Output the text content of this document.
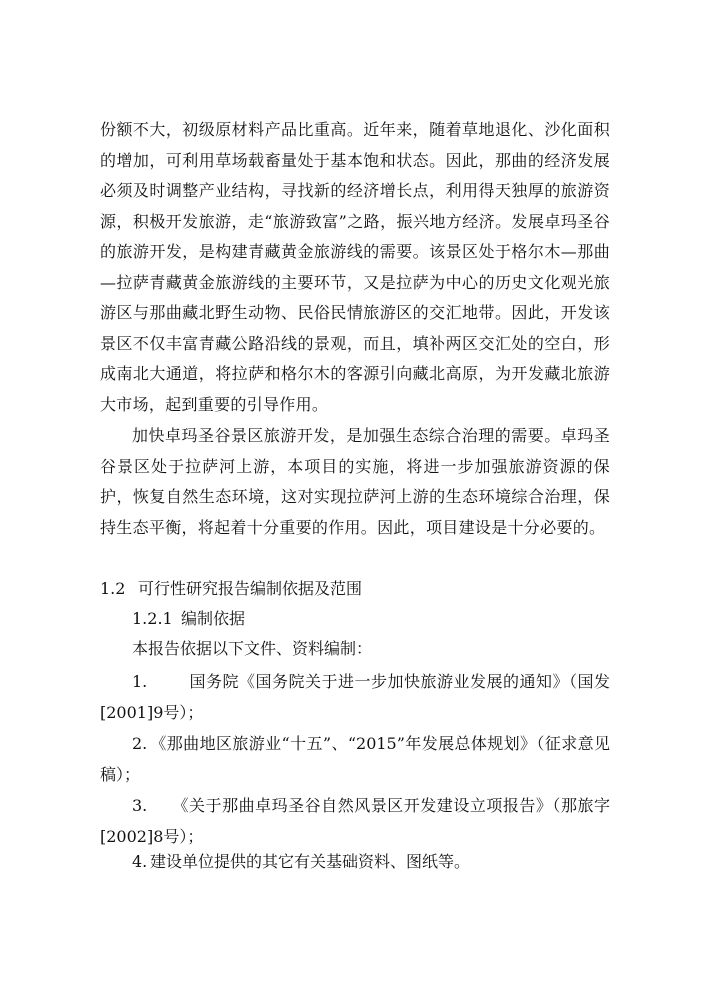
份额不大，初级原材料产品比重高。近年来，随着草地退化、沙化面积的增加，可利用草场载畜量处于基本饱和状态。因此，那曲的经济发展必须及时调整产业结构，寻找新的经济增长点，利用得天独厚的旅游资源，积极开发旅游，走“旅游致富”之路，振兴地方经济。发展卓玛圣谷的旅游开发，是构建青藏黄金旅游线的需要。该景区处于格尔木—那曲—拉萨青藏黄金旅游线的主要环节，又是拉萨为中心的历史文化观光旅游区与那曲藏北野生动物、民俗民情旅游区的交汇地带。因此，开发该景区不仅丰富青藏公路沿线的景观，而且，填补两区交汇处的空白，形成南北大通道，将拉萨和格尔木的客源引向藏北高原，为开发藏北旅游大市场，起到重要的引导作用。

加快卓玛圣谷景区旅游开发，是加强生态综合治理的需要。卓玛圣谷景区处于拉萨河上游，本项目的实施，将进一步加强旅游资源的保护，恢复自然生态环境，这对实现拉萨河上游的生态环境综合治理，保持生态平衡，将起着十分重要的作用。因此，项目建设是十分必要的。

1.2 可行性研究报告编制依据及范围
1.2.1 编制依据
本报告依据以下文件、资料编制：

1.	国务院《国务院关于进一步加快旅游业发展的通知》（国发[2001]9号）；

2. 《那曲地区旅游业“十五”、“2015”年发展总体规划》（征求意见稿）；

3. 《关于那曲卓玛圣谷自然风景区开发建设立项报告》（那旅字[2002]8号）；

4. 建设单位提供的其它有关基础资料、图纸等。
